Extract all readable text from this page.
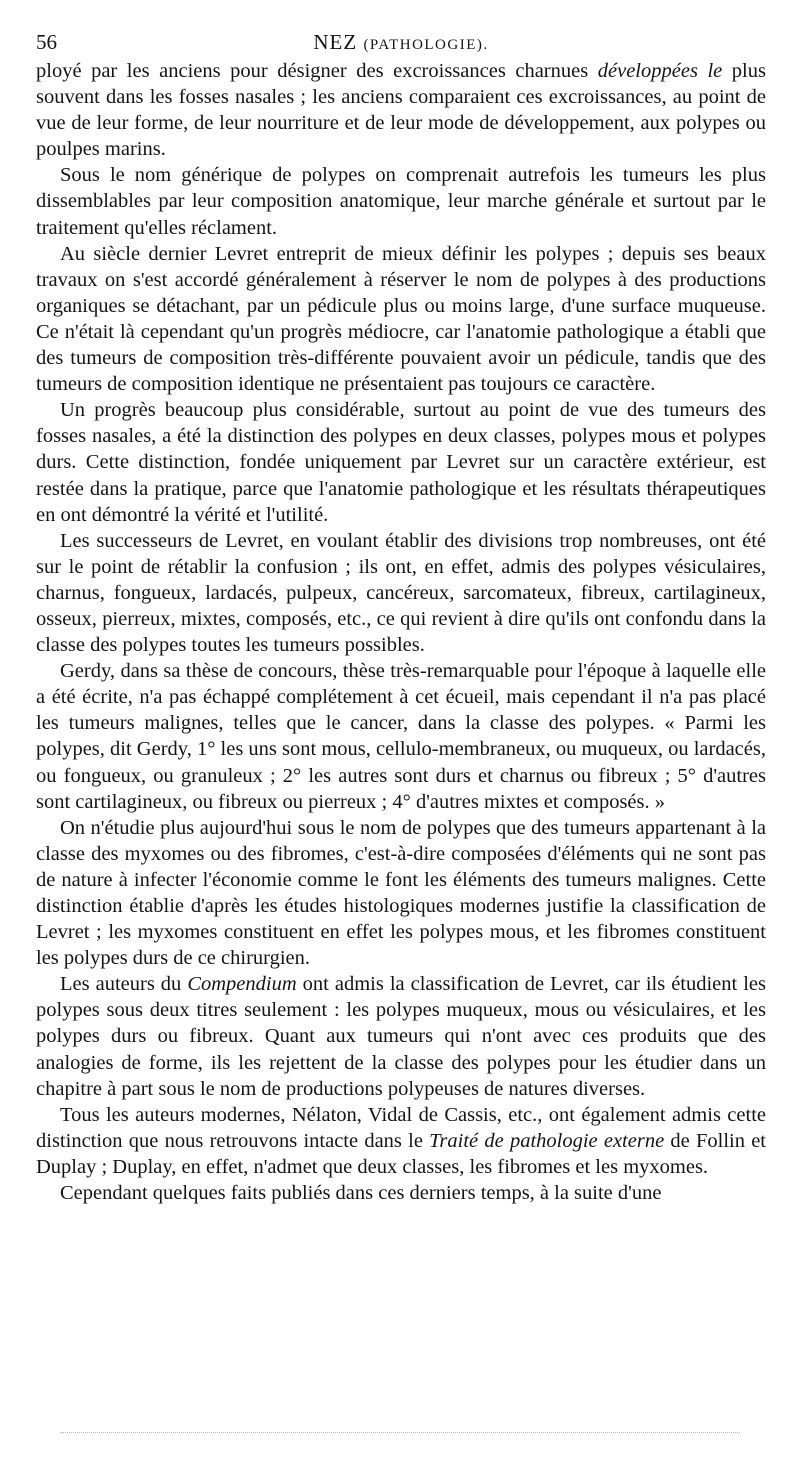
56	NEZ (PATHOLOGIE).

ployé par les anciens pour désigner des excroissances charnues développées le plus souvent dans les fosses nasales ; les anciens comparaient ces excroissances, au point de vue de leur forme, de leur nourriture et de leur mode de développement, aux polypes ou poulpes marins.

Sous le nom générique de polypes on comprenait autrefois les tumeurs les plus dissemblables par leur composition anatomique, leur marche générale et surtout par le traitement qu'elles réclament.

Au siècle dernier Levret entreprit de mieux définir les polypes ; depuis ses beaux travaux on s'est accordé généralement à réserver le nom de polypes à des productions organiques se détachant, par un pédicule plus ou moins large, d'une surface muqueuse. Ce n'était là cependant qu'un progrès médiocre, car l'anatomie pathologique a établi que des tumeurs de composition très-différente pouvaient avoir un pédicule, tandis que des tumeurs de composition identique ne présentaient pas toujours ce caractère.

Un progrès beaucoup plus considérable, surtout au point de vue des tumeurs des fosses nasales, a été la distinction des polypes en deux classes, polypes mous et polypes durs. Cette distinction, fondée uniquement par Levret sur un caractère extérieur, est restée dans la pratique, parce que l'anatomie pathologique et les résultats thérapeutiques en ont démontré la vérité et l'utilité.

Les successeurs de Levret, en voulant établir des divisions trop nombreuses, ont été sur le point de rétablir la confusion ; ils ont, en effet, admis des polypes vésiculaires, charnus, fongueux, lardacés, pulpeux, cancéreux, sarcomateux, fibreux, cartilagineux, osseux, pierreux, mixtes, composés, etc., ce qui revient à dire qu'ils ont confondu dans la classe des polypes toutes les tumeurs possibles.

Gerdy, dans sa thèse de concours, thèse très-remarquable pour l'époque à laquelle elle a été écrite, n'a pas échappé complétement à cet écueil, mais cependant il n'a pas placé les tumeurs malignes, telles que le cancer, dans la classe des polypes. « Parmi les polypes, dit Gerdy, 1° les uns sont mous, cellulo-membraneux, ou muqueux, ou lardacés, ou fongueux, ou granuleux ; 2° les autres sont durs et charnus ou fibreux ; 5° d'autres sont cartilagineux, ou fibreux ou pierreux ; 4° d'autres mixtes et composés. »

On n'étudie plus aujourd'hui sous le nom de polypes que des tumeurs appartenant à la classe des myxomes ou des fibromes, c'est-à-dire composées d'éléments qui ne sont pas de nature à infecter l'économie comme le font les éléments des tumeurs malignes. Cette distinction établie d'après les études histologiques modernes justifie la classification de Levret ; les myxomes constituent en effet les polypes mous, et les fibromes constituent les polypes durs de ce chirurgien.

Les auteurs du Compendium ont admis la classification de Levret, car ils étudient les polypes sous deux titres seulement : les polypes muqueux, mous ou vésiculaires, et les polypes durs ou fibreux. Quant aux tumeurs qui n'ont avec ces produits que des analogies de forme, ils les rejettent de la classe des polypes pour les étudier dans un chapitre à part sous le nom de productions polypeuses de natures diverses.

Tous les auteurs modernes, Nélaton, Vidal de Cassis, etc., ont également admis cette distinction que nous retrouvons intacte dans le Traité de pathologie externe de Follin et Duplay ; Duplay, en effet, n'admet que deux classes, les fibromes et les myxomes.

Cependant quelques faits publiés dans ces derniers temps, à la suite d'une
